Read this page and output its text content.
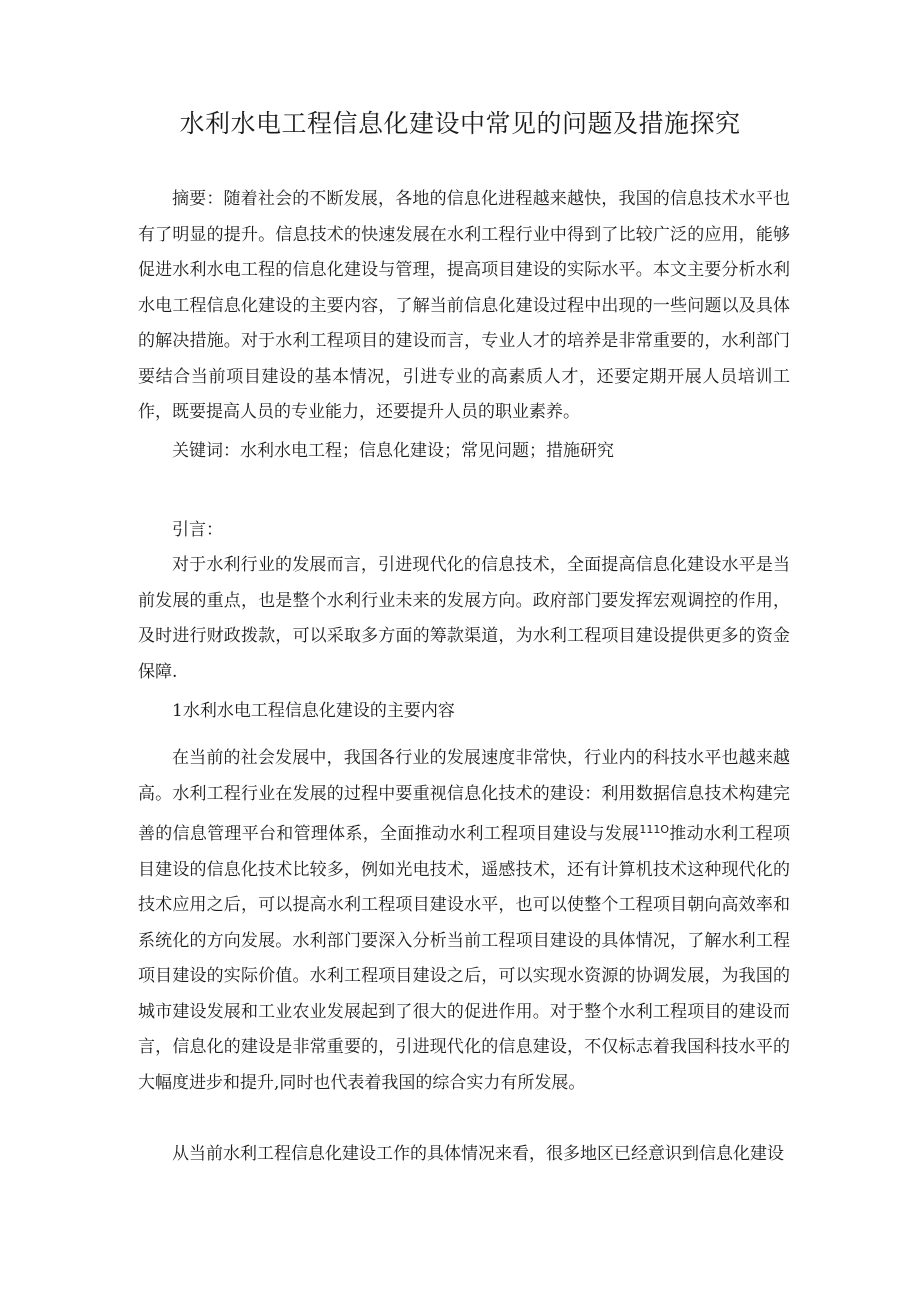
水利水电工程信息化建设中常见的问题及措施探究

摘要：随着社会的不断发展，各地的信息化进程越来越快，我国的信息技术水平也有了明显的提升。信息技术的快速发展在水利工程行业中得到了比较广泛的应用，能够促进水利水电工程的信息化建设与管理，提高项目建设的实际水平。本文主要分析水利水电工程信息化建设的主要内容，了解当前信息化建设过程中出现的一些问题以及具体的解决措施。对于水利工程项目的建设而言，专业人才的培养是非常重要的，水利部门要结合当前项目建设的基本情况，引进专业的高素质人才，还要定期开展人员培训工作，既要提高人员的专业能力，还要提升人员的职业素养。

关键词：水利水电工程；信息化建设；常见问题；措施研究

引言：

对于水利行业的发展而言，引进现代化的信息技术，全面提高信息化建设水平是当前发展的重点，也是整个水利行业未来的发展方向。政府部门要发挥宏观调控的作用，及时进行财政拨款，可以采取多方面的筹款渠道，为水利工程项目建设提供更多的资金保障.

1水利水电工程信息化建设的主要内容

在当前的社会发展中，我国各行业的发展速度非常快，行业内的科技水平也越来越高。水利工程行业在发展的过程中要重视信息化技术的建设：利用数据信息技术构建完善的信息管理平台和管理体系，全面推动水利工程项目建设与发展$^{111O}$推动水利工程项目建设的信息化技术比较多，例如光电技术，遥感技术，还有计算机技术这种现代化的技术应用之后，可以提高水利工程项目建设水平，也可以使整个工程项目朝向高效率和系统化的方向发展。水利部门要深入分析当前工程项目建设的具体情况，了解水利工程项目建设的实际价值。水利工程项目建设之后，可以实现水资源的协调发展，为我国的城市建设发展和工业农业发展起到了很大的促进作用。对于整个水利工程项目的建设而言，信息化的建设是非常重要的，引进现代化的信息建设，不仅标志着我国科技水平的大幅度进步和提升,同时也代表着我国的综合实力有所发展。

从当前水利工程信息化建设工作的具体情况来看，很多地区已经意识到信息化建设
